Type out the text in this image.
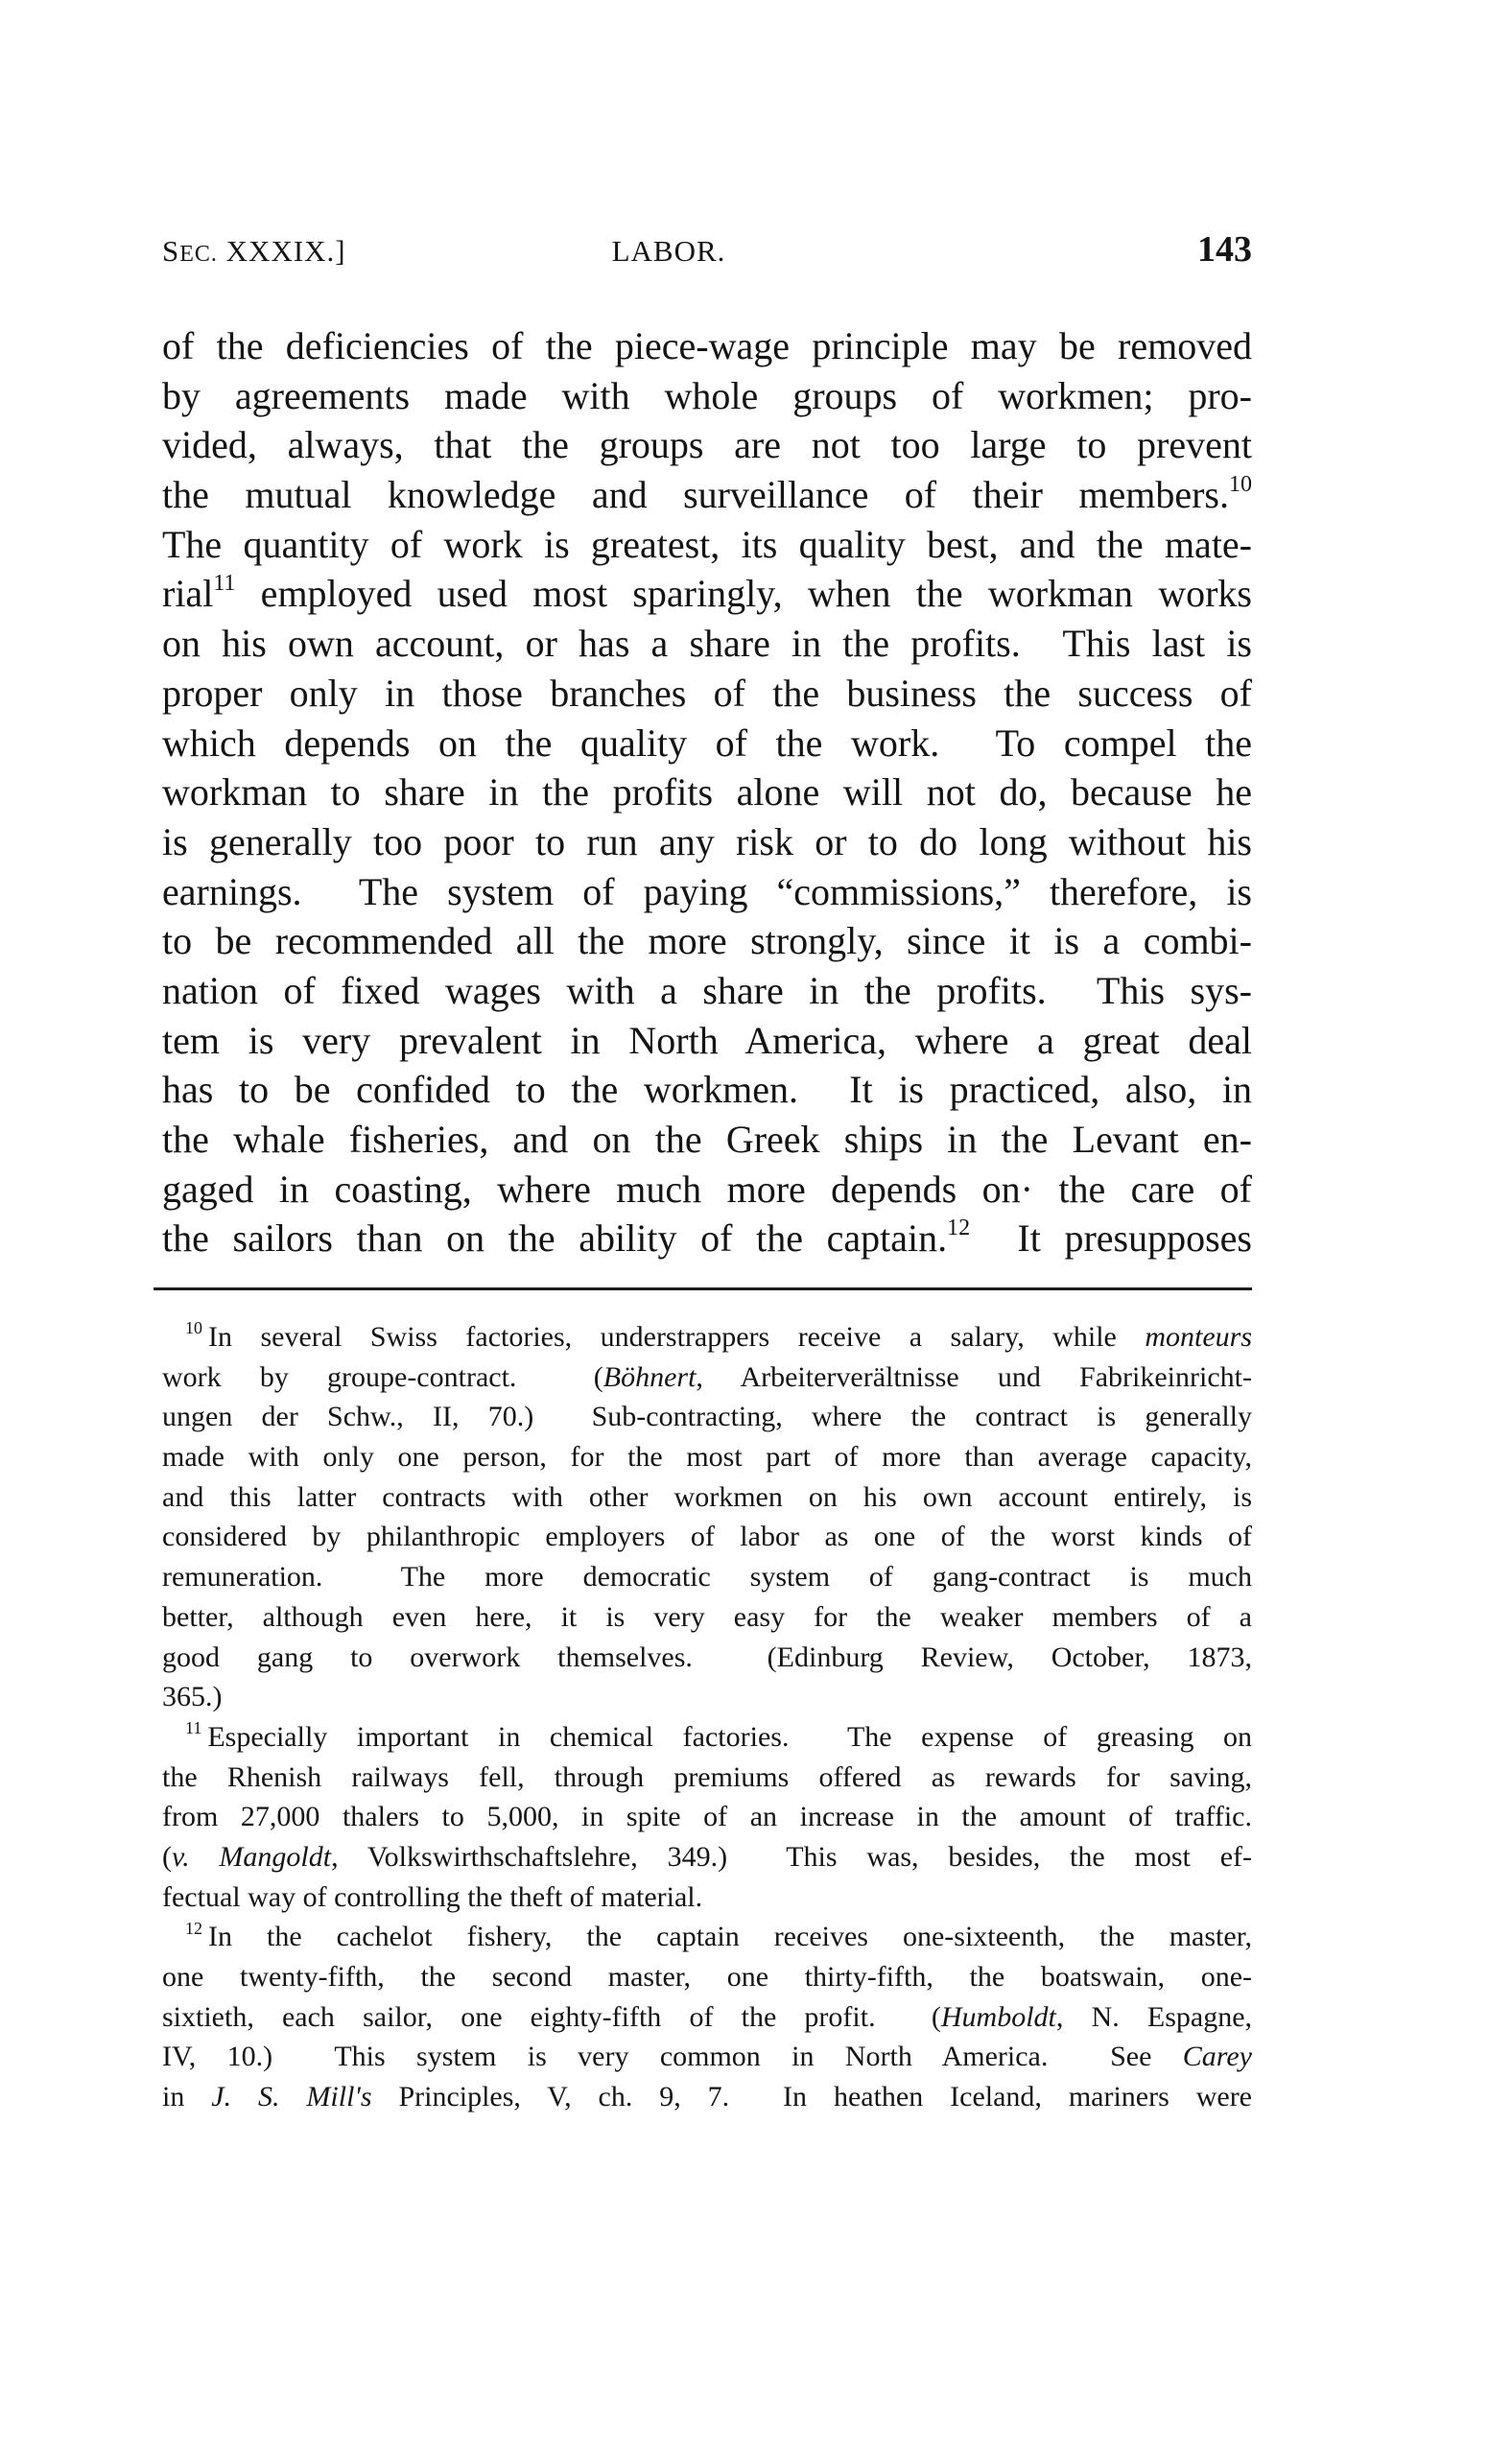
SEC. XXXIX.]	LABOR.	143
of the deficiencies of the piece-wage principle may be removed
by agreements made with whole groups of workmen; pro-
vided, always, that the groups are not too large to prevent
the mutual knowledge and surveillance of their members.$^{10}$
The quantity of work is greatest, its quality best, and the mate-
rial$^{11}$ employed used most sparingly, when the workman works
on his own account, or has a share in the profits.  This last is
proper only in those branches of the business the success of
which depends on the quality of the work.  To compel the
workman to share in the profits alone will not do, because he
is generally too poor to run any risk or to do long without his
earnings.  The system of paying “commissions,” therefore, is
to be recommended all the more strongly, since it is a combi-
nation of fixed wages with a share in the profits.  This sys-
tem is very prevalent in North America, where a great deal
has to be confided to the workmen.  It is practiced, also, in
the whale fisheries, and on the Greek ships in the Levant en-
gaged in coasting, where much more depends on· the care of
the sailors than on the ability of the captain.$^{12}$  It presupposes
$^{10}$ In several Swiss factories, understrappers receive a salary, while monteurs
work by groupe-contract.  (Böhnert, Arbeiterverältnisse und Fabrikeinricht-
ungen der Schw., II, 70.)  Sub-contracting, where the contract is generally
made with only one person, for the most part of more than average capacity,
and this latter contracts with other workmen on his own account entirely, is
considered by philanthropic employers of labor as one of the worst kinds of
remuneration.  The more democratic system of gang-contract is much
better, although even here, it is very easy for the weaker members of a
good gang to overwork themselves.  (Edinburg Review, October, 1873,
365.)
$^{11}$ Especially important in chemical factories.  The expense of greasing on
the Rhenish railways fell, through premiums offered as rewards for saving,
from 27,000 thalers to 5,000, in spite of an increase in the amount of traffic.
(v. Mangoldt, Volkswirthschaftslehre, 349.)  This was, besides, the most ef-
fectual way of controlling the theft of material.
$^{12}$ In the cachelot fishery, the captain receives one-sixteenth, the master,
one twenty-fifth, the second master, one thirty-fifth, the boatswain, one-
sixtieth, each sailor, one eighty-fifth of the profit.  (Humboldt, N. Espagne,
IV, 10.)  This system is very common in North America.  See Carey
in J. S. Mill's Principles, V, ch. 9, 7.  In heathen Iceland, mariners were
